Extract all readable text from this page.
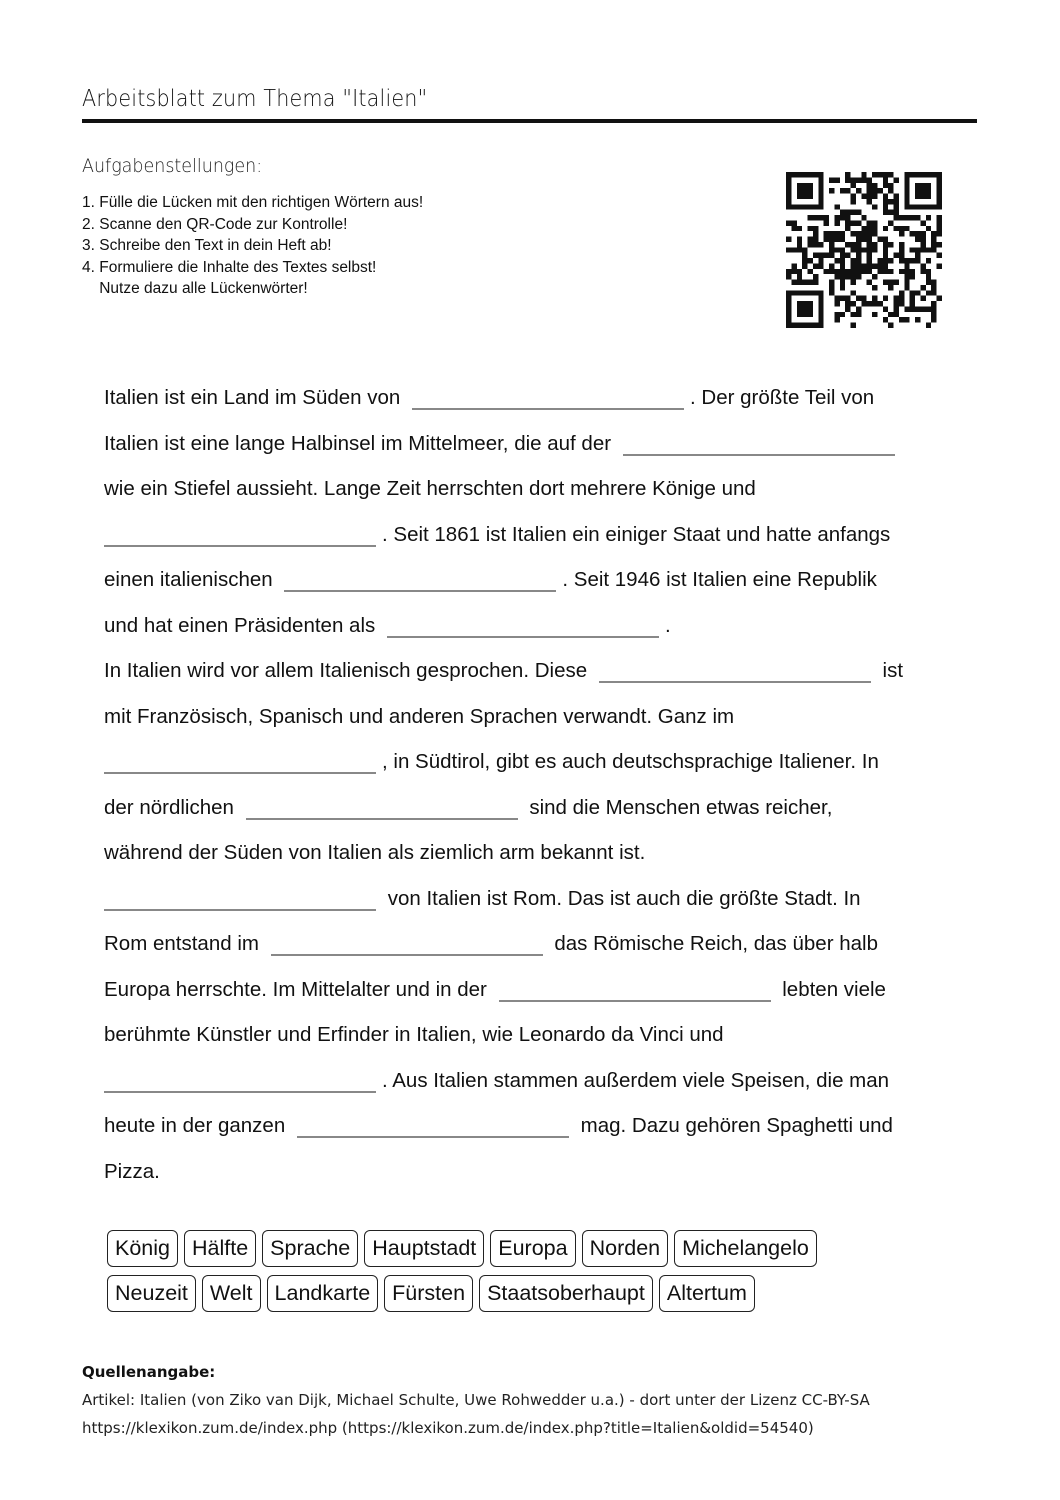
Arbeitsblatt zum Thema "Italien"
Aufgabenstellungen:
1. Fülle die Lücken mit den richtigen Wörtern aus!
2. Scanne den QR-Code zur Kontrolle!
3. Schreibe den Text in dein Heft ab!
4. Formuliere die Inhalte des Textes selbst!
Nutze dazu alle Lückenwörter!
Italien ist ein Land im Süden von	. Der größte Teil von
Italien ist eine lange Halbinsel im Mittelmeer, die auf der
wie ein Stiefel aussieht. Lange Zeit herrschten dort mehrere Könige und
. Seit 1861 ist Italien ein einiger Staat und hatte anfangs
einen italienischen	. Seit 1946 ist Italien eine Republik
und hat einen Präsidenten als	.
In Italien wird vor allem Italienisch gesprochen. Diese	ist
mit Französisch, Spanisch und anderen Sprachen verwandt. Ganz im
, in Südtirol, gibt es auch deutschsprachige Italiener. In
der nördlichen	sind die Menschen etwas reicher,
während der Süden von Italien als ziemlich arm bekannt ist.
von Italien ist Rom. Das ist auch die größte Stadt. In
Rom entstand im	das Römische Reich, das über halb
Europa herrschte. Im Mittelalter und in der	lebten viele
berühmte Künstler und Erfinder in Italien, wie Leonardo da Vinci und
. Aus Italien stammen außerdem viele Speisen, die man
heute in der ganzen	mag. Dazu gehören Spaghetti und
Pizza.
König	Hälfte	Sprache	Hauptstadt	Europa	Norden	Michelangelo
Neuzeit	Welt	Landkarte	Fürsten	Staatsoberhaupt	Altertum
Quellenangabe:
Artikel: Italien (von Ziko van Dijk, Michael Schulte, Uwe Rohwedder u.a.) - dort unter der Lizenz CC-BY-SA
https://klexikon.zum.de/index.php (https://klexikon.zum.de/index.php?title=Italien&oldid=54540)
